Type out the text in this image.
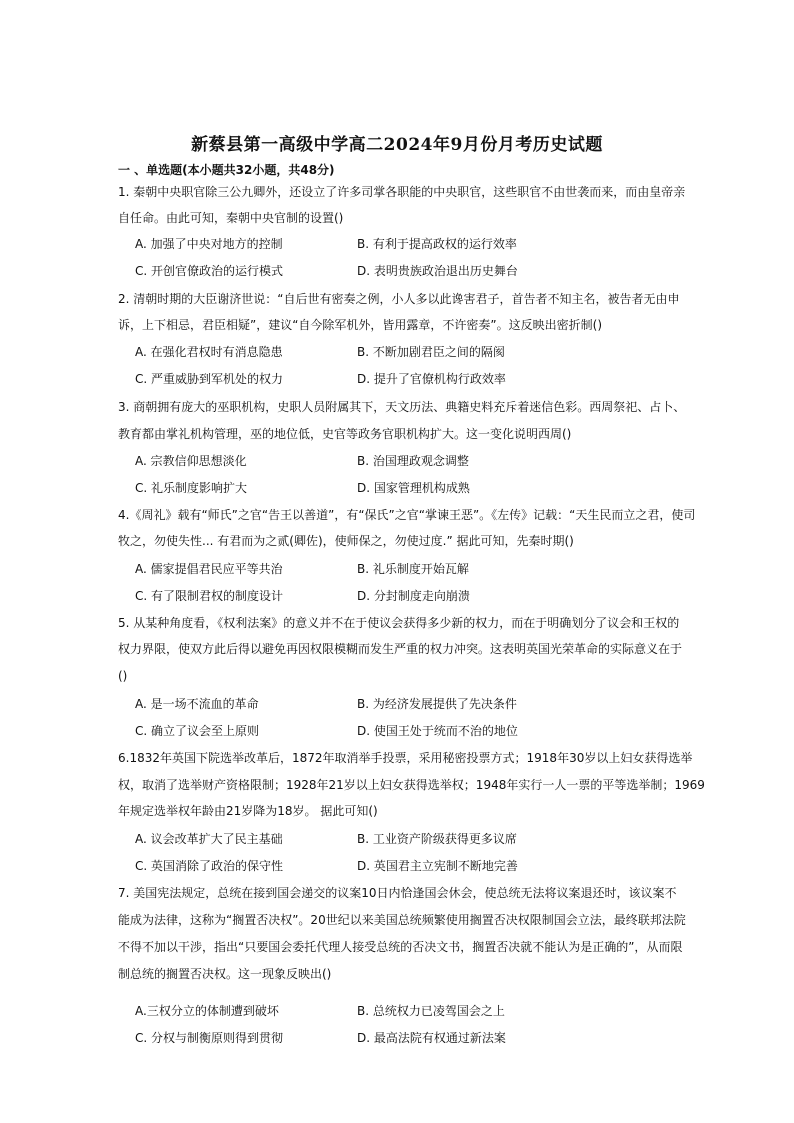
新蔡县第一高级中学高二2024年9月份月考历史试题
一 、单选题(本小题共32小题，共48分)
1. 秦朝中央职官除三公九卿外，还设立了许多司掌各职能的中央职官，这些职官不由世袭而来，而由皇帝亲
自任命。由此可知，秦朝中央官制的设置()
A. 加强了中央对地方的控制	B. 有利于提高政权的运行效率
C. 开创官僚政治的运行模式	D. 表明贵族政治退出历史舞台
2. 清朝时期的大臣谢济世说：“自后世有密奏之例，小人多以此谗害君子，首告者不知主名，被告者无由申
诉，上下相忌，君臣相疑”，建议“自今除军机外，皆用露章，不许密奏”。这反映出密折制()
A. 在强化君权时有消息隐患	B. 不断加剧君臣之间的隔阂
C. 严重威胁到军机处的权力	D. 提升了官僚机构行政效率
3. 商朝拥有庞大的巫职机构，史职人员附属其下，天文历法、典籍史料充斥着迷信色彩。西周祭祀、占卜、
教育都由掌礼机构管理，巫的地位低，史官等政务官职机构扩大。这一变化说明西周()
A. 宗教信仰思想淡化	B. 治国理政观念调整
C. 礼乐制度影响扩大	D. 国家管理机构成熟
4.《周礼》载有“师氏”之官“告王以善道”，有“保氏”之官“掌谏王恶”。《左传》记载：“天生民而立之君，使司
牧之，勿使失性... 有君而为之贰(卿佐)，使师保之，勿使过度.” 据此可知，先秦时期()
A. 儒家提倡君民应平等共治	B. 礼乐制度开始瓦解
C. 有了限制君权的制度设计	D. 分封制度走向崩溃
5. 从某种角度看，《权利法案》的意义并不在于使议会获得多少新的权力，而在于明确划分了议会和王权的
权力界限，使双方此后得以避免再因权限模糊而发生严重的权力冲突。这表明英国光荣革命的实际意义在于
()
A. 是一场不流血的革命	B. 为经济发展提供了先决条件
C. 确立了议会至上原则	D. 使国王处于统而不治的地位
6.1832年英国下院选举改革后，1872年取消举手投票，采用秘密投票方式；1918年30岁以上妇女获得选举
权，取消了选举财产资格限制；1928年21岁以上妇女获得选举权；1948年实行一人一票的平等选举制；1969
年规定选举权年龄由21岁降为18岁。 据此可知()
A. 议会改革扩大了民主基础	B. 工业资产阶级获得更多议席
C. 英国消除了政治的保守性	D. 英国君主立宪制不断地完善
7. 美国宪法规定，总统在接到国会递交的议案10日内恰逢国会休会，使总统无法将议案退还时，该议案不
能成为法律，这称为“搁置否决权”。20世纪以来美国总统频繁使用搁置否决权限制国会立法，最终联邦法院
不得不加以干涉，指出“只要国会委托代理人接受总统的否决文书，搁置否决就不能认为是正确的”，从而限
制总统的搁置否决权。这一现象反映出()
A.三权分立的体制遭到破坏	B. 总统权力已凌驾国会之上
C. 分权与制衡原则得到贯彻	D. 最高法院有权通过新法案
